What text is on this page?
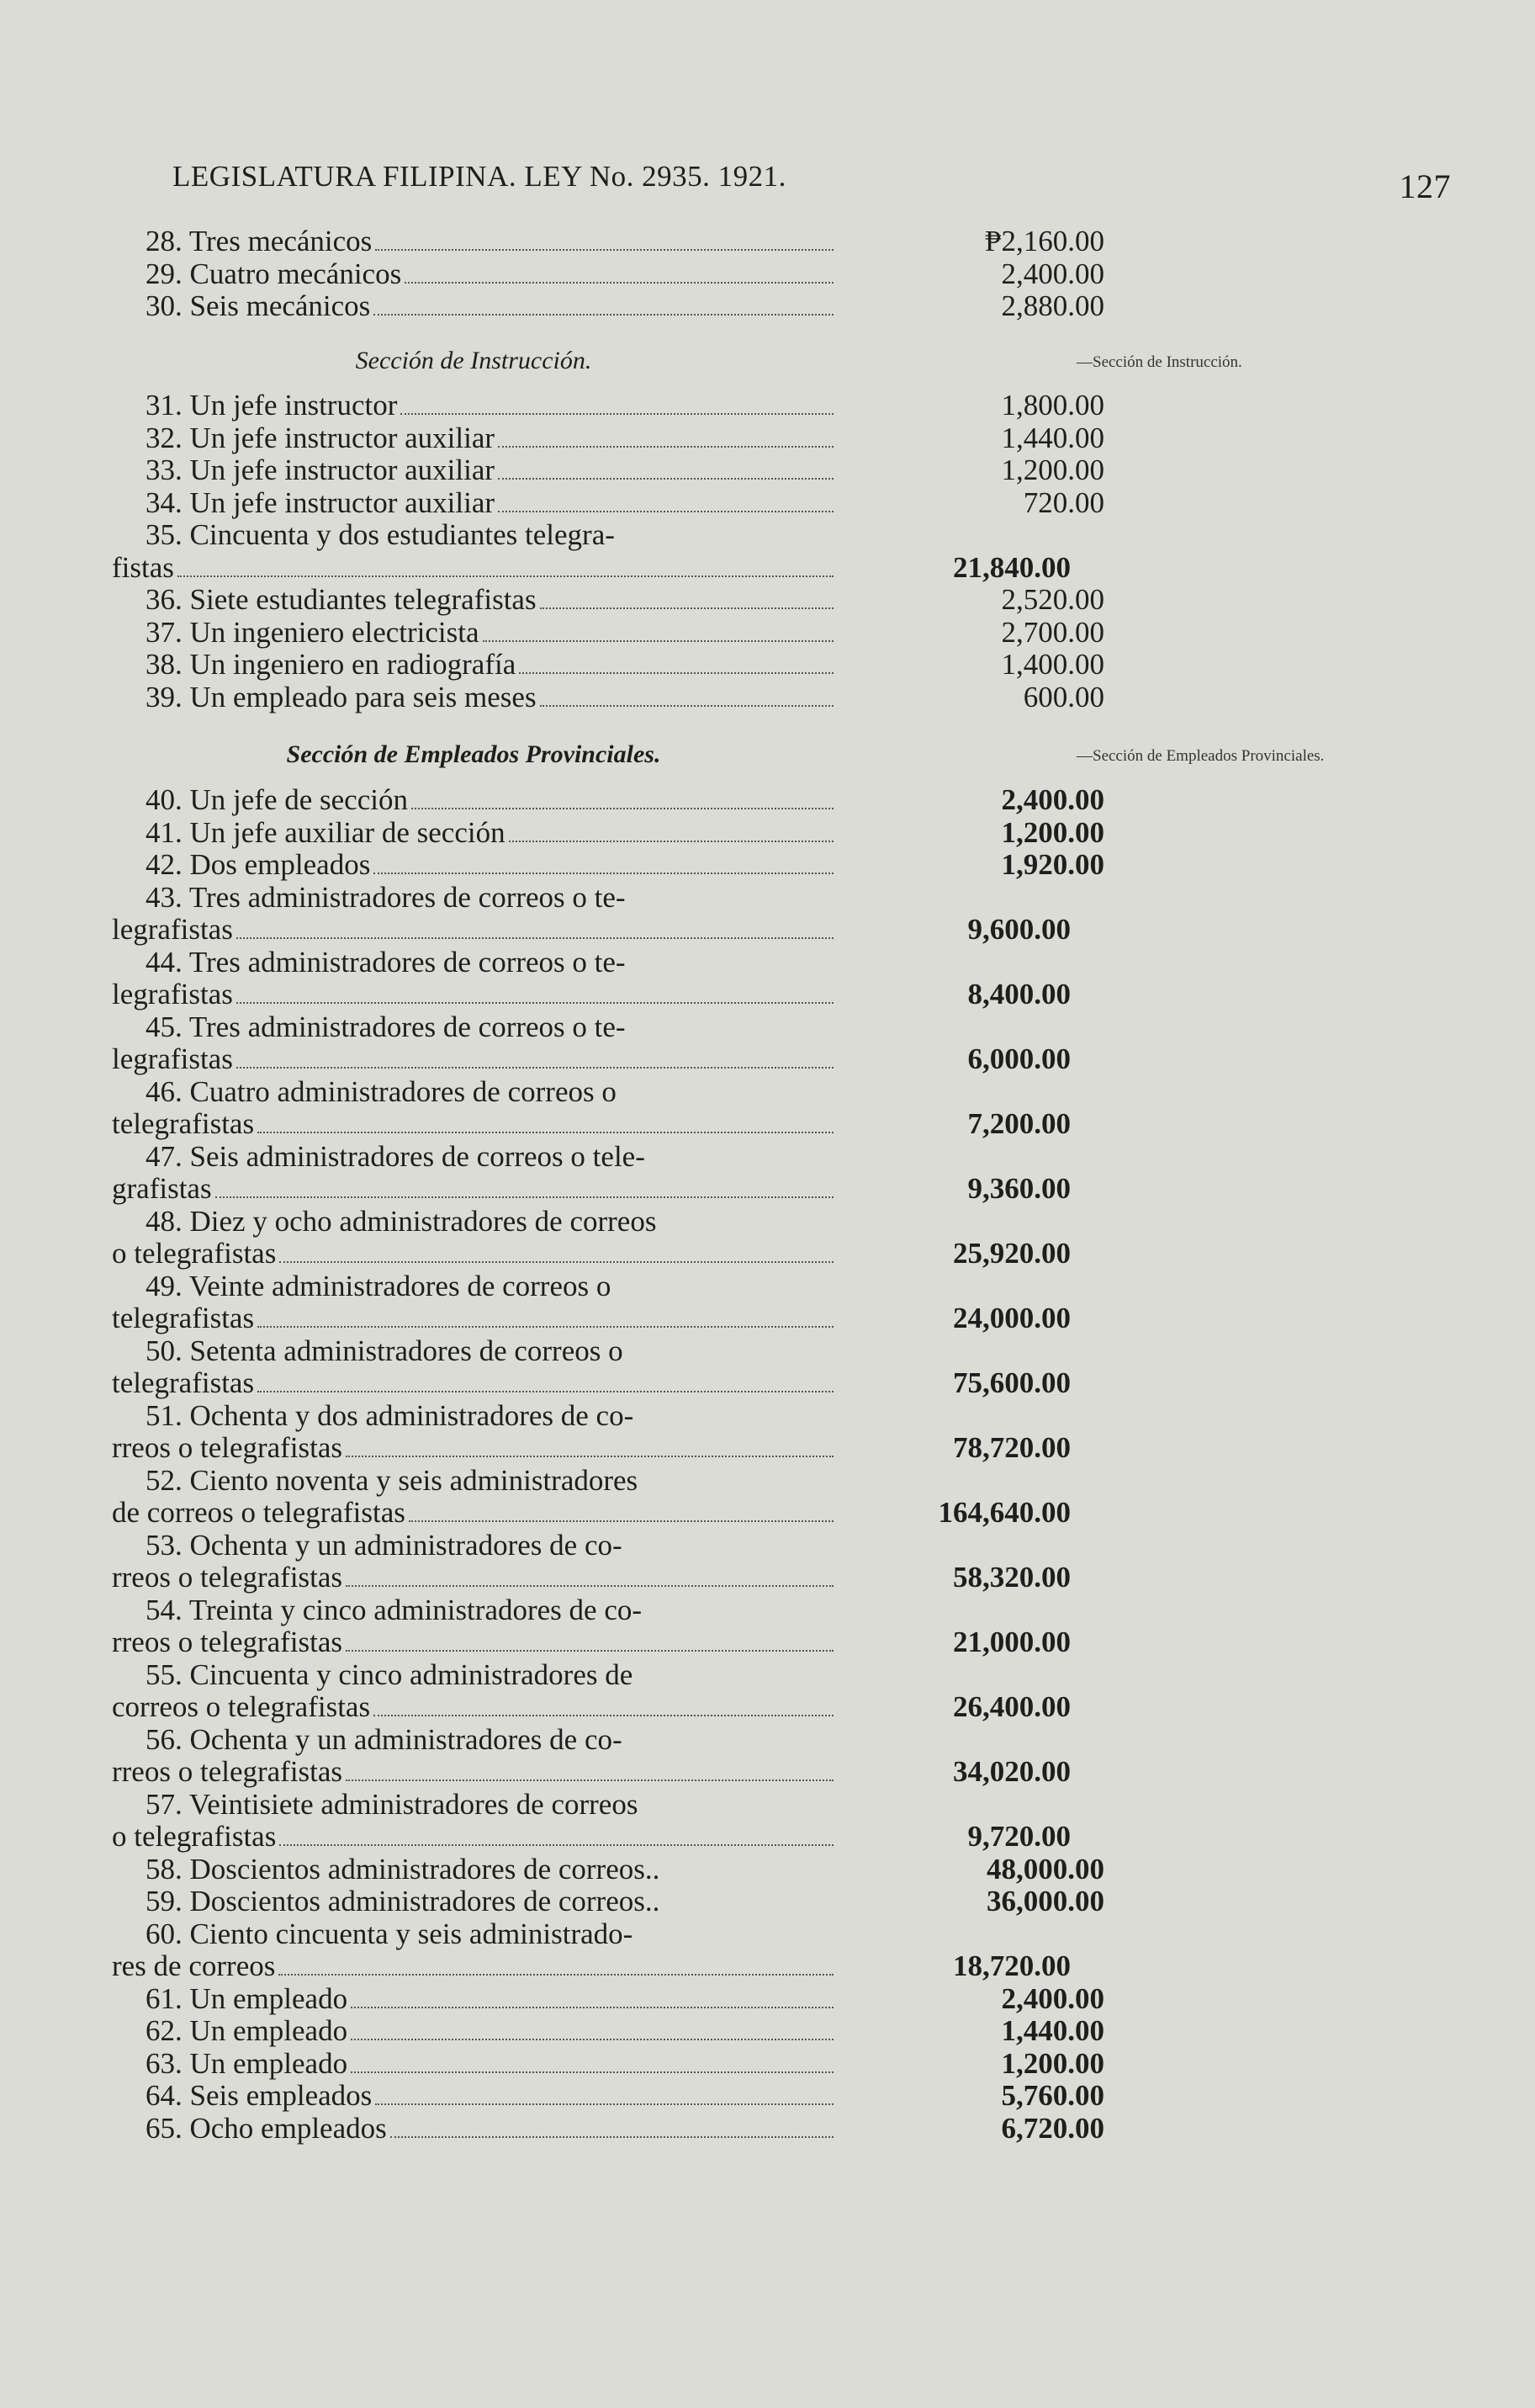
LEGISLATURA FILIPINA. LEY No. 2935. 1921.	127
28. Tres mecánicos	₱2,160.00
29. Cuatro mecánicos	2,400.00
30. Seis mecánicos	2,880.00
Sección de Instrucción.	—Sección de Instrucción.
31. Un jefe instructor	1,800.00
32. Un jefe instructor auxiliar	1,440.00
33. Un jefe instructor auxiliar	1,200.00
34. Un jefe instructor auxiliar	720.00
35. Cincuenta y dos estudiantes telegra-
fistas	21,840.00
36. Siete estudiantes telegrafistas	2,520.00
37. Un ingeniero electricista	2,700.00
38. Un ingeniero en radiografía	1,400.00
39. Un empleado para seis meses	600.00
Sección de Empleados Provinciales.	—Sección de Empleados Provinciales.
40. Un jefe de sección	2,400.00
41. Un jefe auxiliar de sección	1,200.00
42. Dos empleados	1,920.00
43. Tres administradores de correos o te-
legrafistas	9,600.00
44. Tres administradores de correos o te-
legrafistas	8,400.00
45. Tres administradores de correos o te-
legrafistas	6,000.00
46. Cuatro administradores de correos o
telegrafistas	7,200.00
47. Seis administradores de correos o tele-
grafistas	9,360.00
48. Diez y ocho administradores de correos
o telegrafistas	25,920.00
49. Veinte administradores de correos o
telegrafistas	24,000.00
50. Setenta administradores de correos o
telegrafistas	75,600.00
51. Ochenta y dos administradores de co-
rreos o telegrafistas	78,720.00
52. Ciento noventa y seis administradores
de correos o telegrafistas	164,640.00
53. Ochenta y un administradores de co-
rreos o telegrafistas	58,320.00
54. Treinta y cinco administradores de co-
rreos o telegrafistas	21,000.00
55. Cincuenta y cinco administradores de
correos o telegrafistas	26,400.00
56. Ochenta y un administradores de co-
rreos o telegrafistas	34,020.00
57. Veintisiete administradores de correos
o telegrafistas	9,720.00
58. Doscientos administradores de correos..	48,000.00
59. Doscientos administradores de correos..	36,000.00
60. Ciento cincuenta y seis administrado-
res de correos	18,720.00
61. Un empleado	2,400.00
62. Un empleado	1,440.00
63. Un empleado	1,200.00
64. Seis empleados	5,760.00
65. Ocho empleados	6,720.00
